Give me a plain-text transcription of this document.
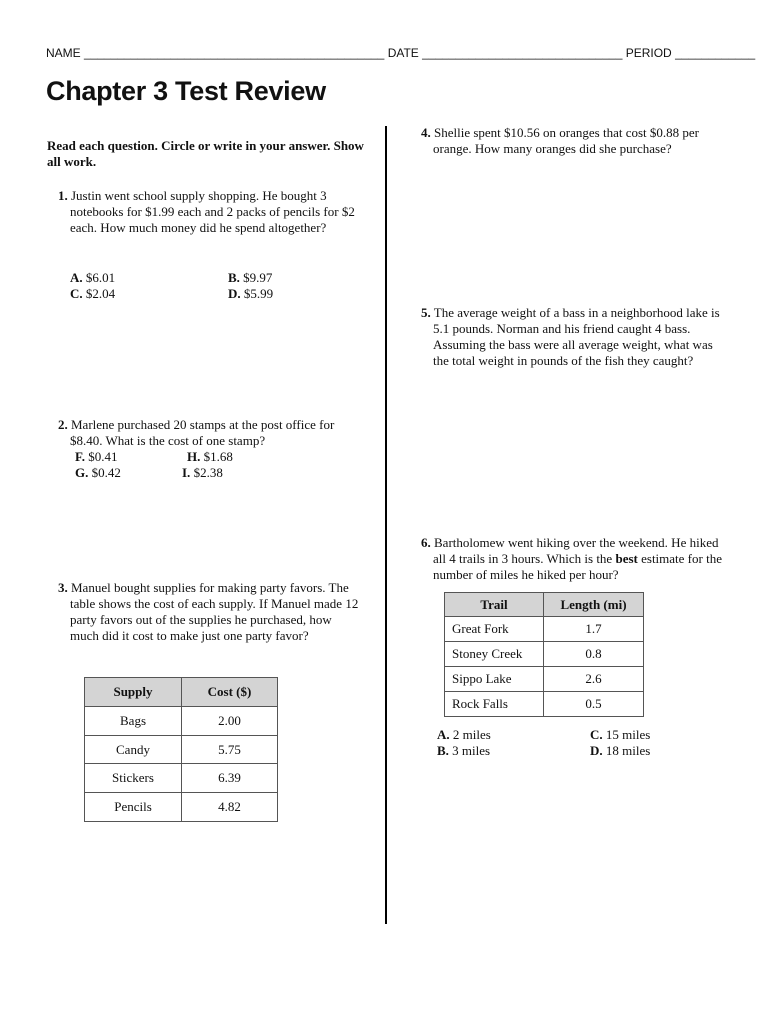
NAME _____________________________________________ DATE ______________________________ PERIOD ____________
Chapter 3 Test Review
Read each question. Circle or write in your answer. Show all work.
1. Justin went school supply shopping. He bought 3 notebooks for $1.99 each and 2 packs of pencils for $2 each. How much money did he spend altogether?
A. $6.01	B. $9.97
C. $2.04	D. $5.99
2. Marlene purchased 20 stamps at the post office for $8.40. What is the cost of one stamp?
F. $0.41	H. $1.68
G. $0.42	I. $2.38
3. Manuel bought supplies for making party favors. The table shows the cost of each supply. If Manuel made 12 party favors out of the supplies he purchased, how much did it cost to make just one party favor?
Supply	Cost ($)
Bags	2.00
Candy	5.75
Stickers	6.39
Pencils	4.82
4. Shellie spent $10.56 on oranges that cost $0.88 per orange. How many oranges did she purchase?
5. The average weight of a bass in a neighborhood lake is 5.1 pounds. Norman and his friend caught 4 bass. Assuming the bass were all average weight, what was the total weight in pounds of the fish they caught?
6. Bartholomew went hiking over the weekend. He hiked all 4 trails in 3 hours. Which is the best estimate for the number of miles he hiked per hour?
Trail	Length (mi)
Great Fork	1.7
Stoney Creek	0.8
Sippo Lake	2.6
Rock Falls	0.5
A. 2 miles	C. 15 miles
B. 3 miles	D. 18 miles
